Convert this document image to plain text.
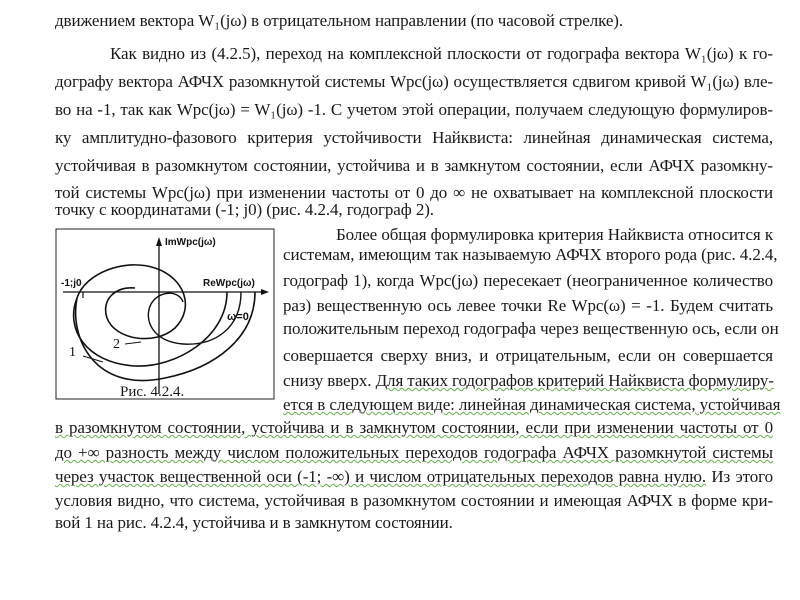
движением вектора W₁(jω) в отрицательном направлении (по часовой стрелке).
Как видно из (4.2.5), переход на комплексной плоскости от годографа вектора W₁(jω) к го-
дографу вектора АФЧХ разомкнутой системы Wpc(jω) осуществляется сдвигом кривой W₁(jω) вле-
во на -1, так как Wpc(jω) = W₁(jω) -1. С учетом этой операции, получаем следующую формулиров-
ку амплитудно-фазового критерия устойчивости Найквиста: линейная динамическая система,
устойчивая в разомкнутом состоянии, устойчива и в замкнутом состоянии, если АФЧХ разомкну-
той системы Wpc(jω) при изменении частоты от 0 до ∞ не охватывает на комплексной плоскости
точку с координатами (-1; j0) (рис. 4.2.4, годограф 2).
Более общая формулировка критерия Найквиста относится к
системам, имеющим так называемую АФЧХ второго рода (рис. 4.2.4,
годограф 1), когда Wpc(jω) пересекает (неограниченное количество
раз) вещественную ось левее точки Re Wpc(ω) = -1. Будем считать
положительным переход годографа через вещественную ось, если он
совершается сверху вниз, и отрицательным, если он совершается
снизу вверх. Для таких годографов критерий Найквиста формулиру-
ется в следующем виде: линейная динамическая система, устойчивая
в разомкнутом состоянии, устойчива и в замкнутом состоянии, если при изменении частоты от 0
до +∞ разность между числом положительных переходов годографа АФЧХ разомкнутой системы
через участок вещественной оси (-1; -∞) и числом отрицательных переходов равна нулю. Из этого
условия видно, что система, устойчивая в разомкнутом состоянии и имеющая АФЧХ в форме кри-
вой 1 на рис. 4.2.4, устойчива и в замкнутом состоянии.
ImWpc(jω)
ReWpc(jω)
-1;j0
ω=0
1
2
Рис. 4.2.4.
